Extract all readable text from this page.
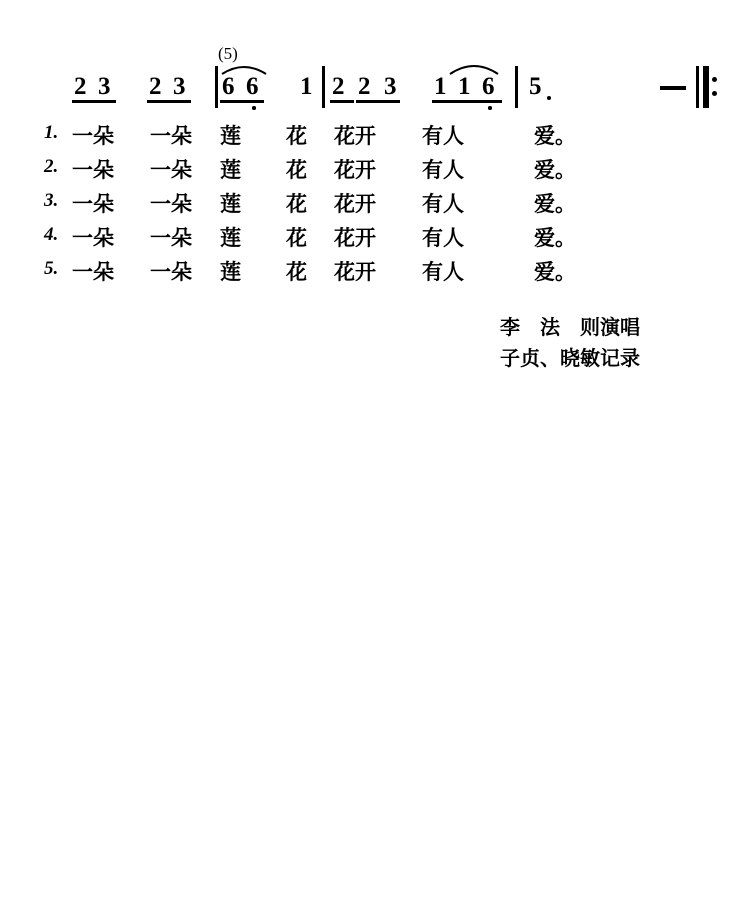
2 3 2 3
(5)
6 6 1 2 2 3 1 1 6 5
1. 一朵 一朵 莲 花 花开 有人	爱。
2. 一朵 一朵 莲 花 花开 有人	爱。
3. 一朵 一朵 莲 花 花开 有人	爱。
4. 一朵 一朵 莲 花 花开 有人	爱。
5. 一朵 一朵 莲 花 花开 有人	爱。
李　法　则演唱
子贞、晓敏记录
